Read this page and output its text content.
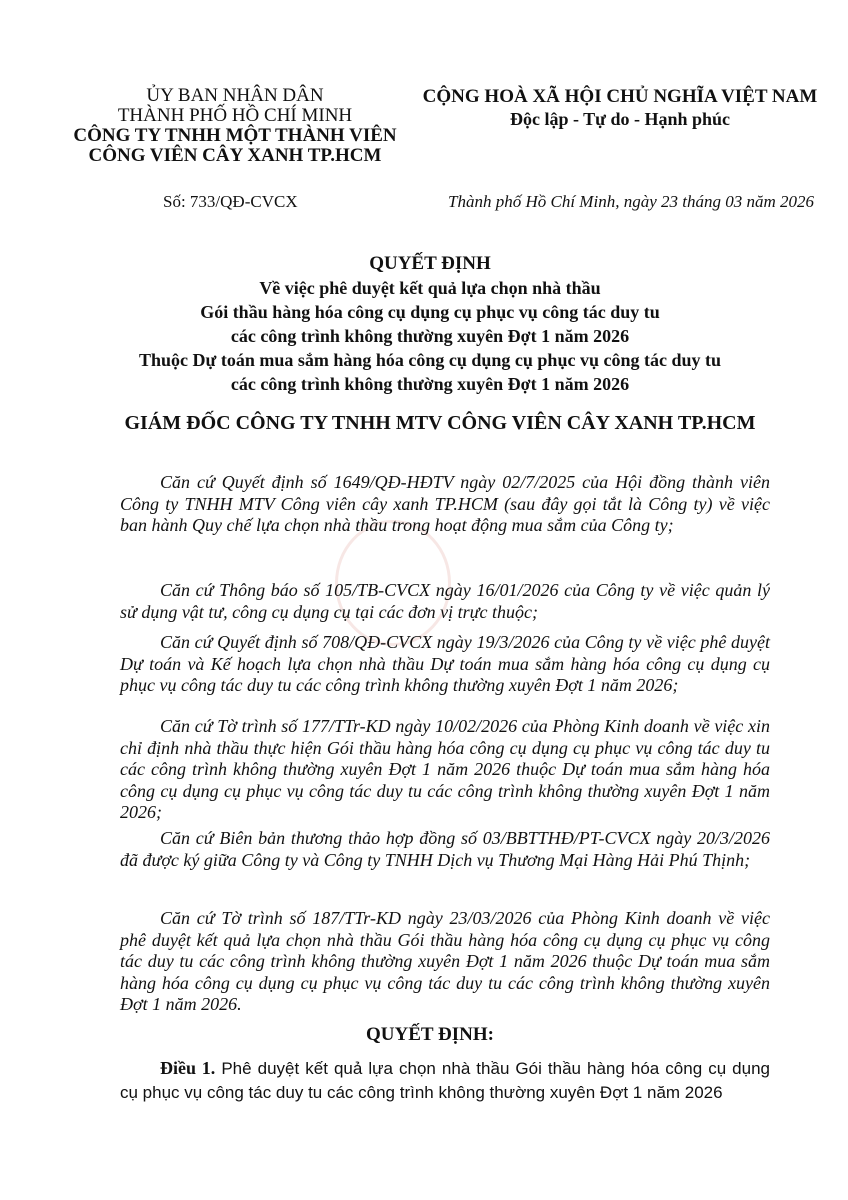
ỦY BAN NHÂN DÂN
THÀNH PHỐ HỒ CHÍ MINH
CÔNG TY TNHH MỘT THÀNH VIÊN
CÔNG VIÊN CÂY XANH TP.HCM
CỘNG HOÀ XÃ HỘI CHỦ NGHĨA VIỆT NAM
Độc lập - Tự do - Hạnh phúc
Số: 733/QĐ-CVCX	Thành phố Hồ Chí Minh, ngày 23 tháng 03 năm 2026
QUYẾT ĐỊNH
Về việc phê duyệt kết quả lựa chọn nhà thầu
Gói thầu hàng hóa công cụ dụng cụ phục vụ công tác duy tu
các công trình không thường xuyên Đợt 1 năm 2026
Thuộc Dự toán mua sắm hàng hóa công cụ dụng cụ phục vụ công tác duy tu
các công trình không thường xuyên Đợt 1 năm 2026
GIÁM ĐỐC CÔNG TY TNHH MTV CÔNG VIÊN CÂY XANH TP.HCM

Căn cứ Quyết định số 1649/QĐ-HĐTV ngày 02/7/2025 của Hội đồng thành viên Công ty TNHH MTV Công viên cây xanh TP.HCM (sau đây gọi tắt là Công ty) về việc ban hành Quy chế lựa chọn nhà thầu trong hoạt động mua sắm của Công ty;

Căn cứ Thông báo số 105/TB-CVCX ngày 16/01/2026 của Công ty về việc quản lý sử dụng vật tư, công cụ dụng cụ tại các đơn vị trực thuộc;

Căn cứ Quyết định số 708/QĐ-CVCX ngày 19/3/2026 của Công ty về việc phê duyệt Dự toán và Kế hoạch lựa chọn nhà thầu Dự toán mua sắm hàng hóa công cụ dụng cụ phục vụ công tác duy tu các công trình không thường xuyên Đợt 1 năm 2026;

Căn cứ Tờ trình số 177/TTr-KD ngày 10/02/2026 của Phòng Kinh doanh về việc xin chỉ định nhà thầu thực hiện Gói thầu hàng hóa công cụ dụng cụ phục vụ công tác duy tu các công trình không thường xuyên Đợt 1 năm 2026 thuộc Dự toán mua sắm hàng hóa công cụ dụng cụ phục vụ công tác duy tu các công trình không thường xuyên Đợt 1 năm 2026;

Căn cứ Biên bản thương thảo hợp đồng số 03/BBTTHĐ/PT-CVCX ngày 20/3/2026 đã được ký giữa Công ty và Công ty TNHH Dịch vụ Thương Mại Hàng Hải Phú Thịnh;

Căn cứ Tờ trình số 187/TTr-KD ngày 23/03/2026 của Phòng Kinh doanh về việc phê duyệt kết quả lựa chọn nhà thầu Gói thầu hàng hóa công cụ dụng cụ phục vụ công tác duy tu các công trình không thường xuyên Đợt 1 năm 2026 thuộc Dự toán mua sắm hàng hóa công cụ dụng cụ phục vụ công tác duy tu các công trình không thường xuyên Đợt 1 năm 2026.

QUYẾT ĐỊNH:
Điều 1. Phê duyệt kết quả lựa chọn nhà thầu Gói thầu hàng hóa công cụ dụng cụ phục vụ công tác duy tu các công trình không thường xuyên Đợt 1 năm 2026
